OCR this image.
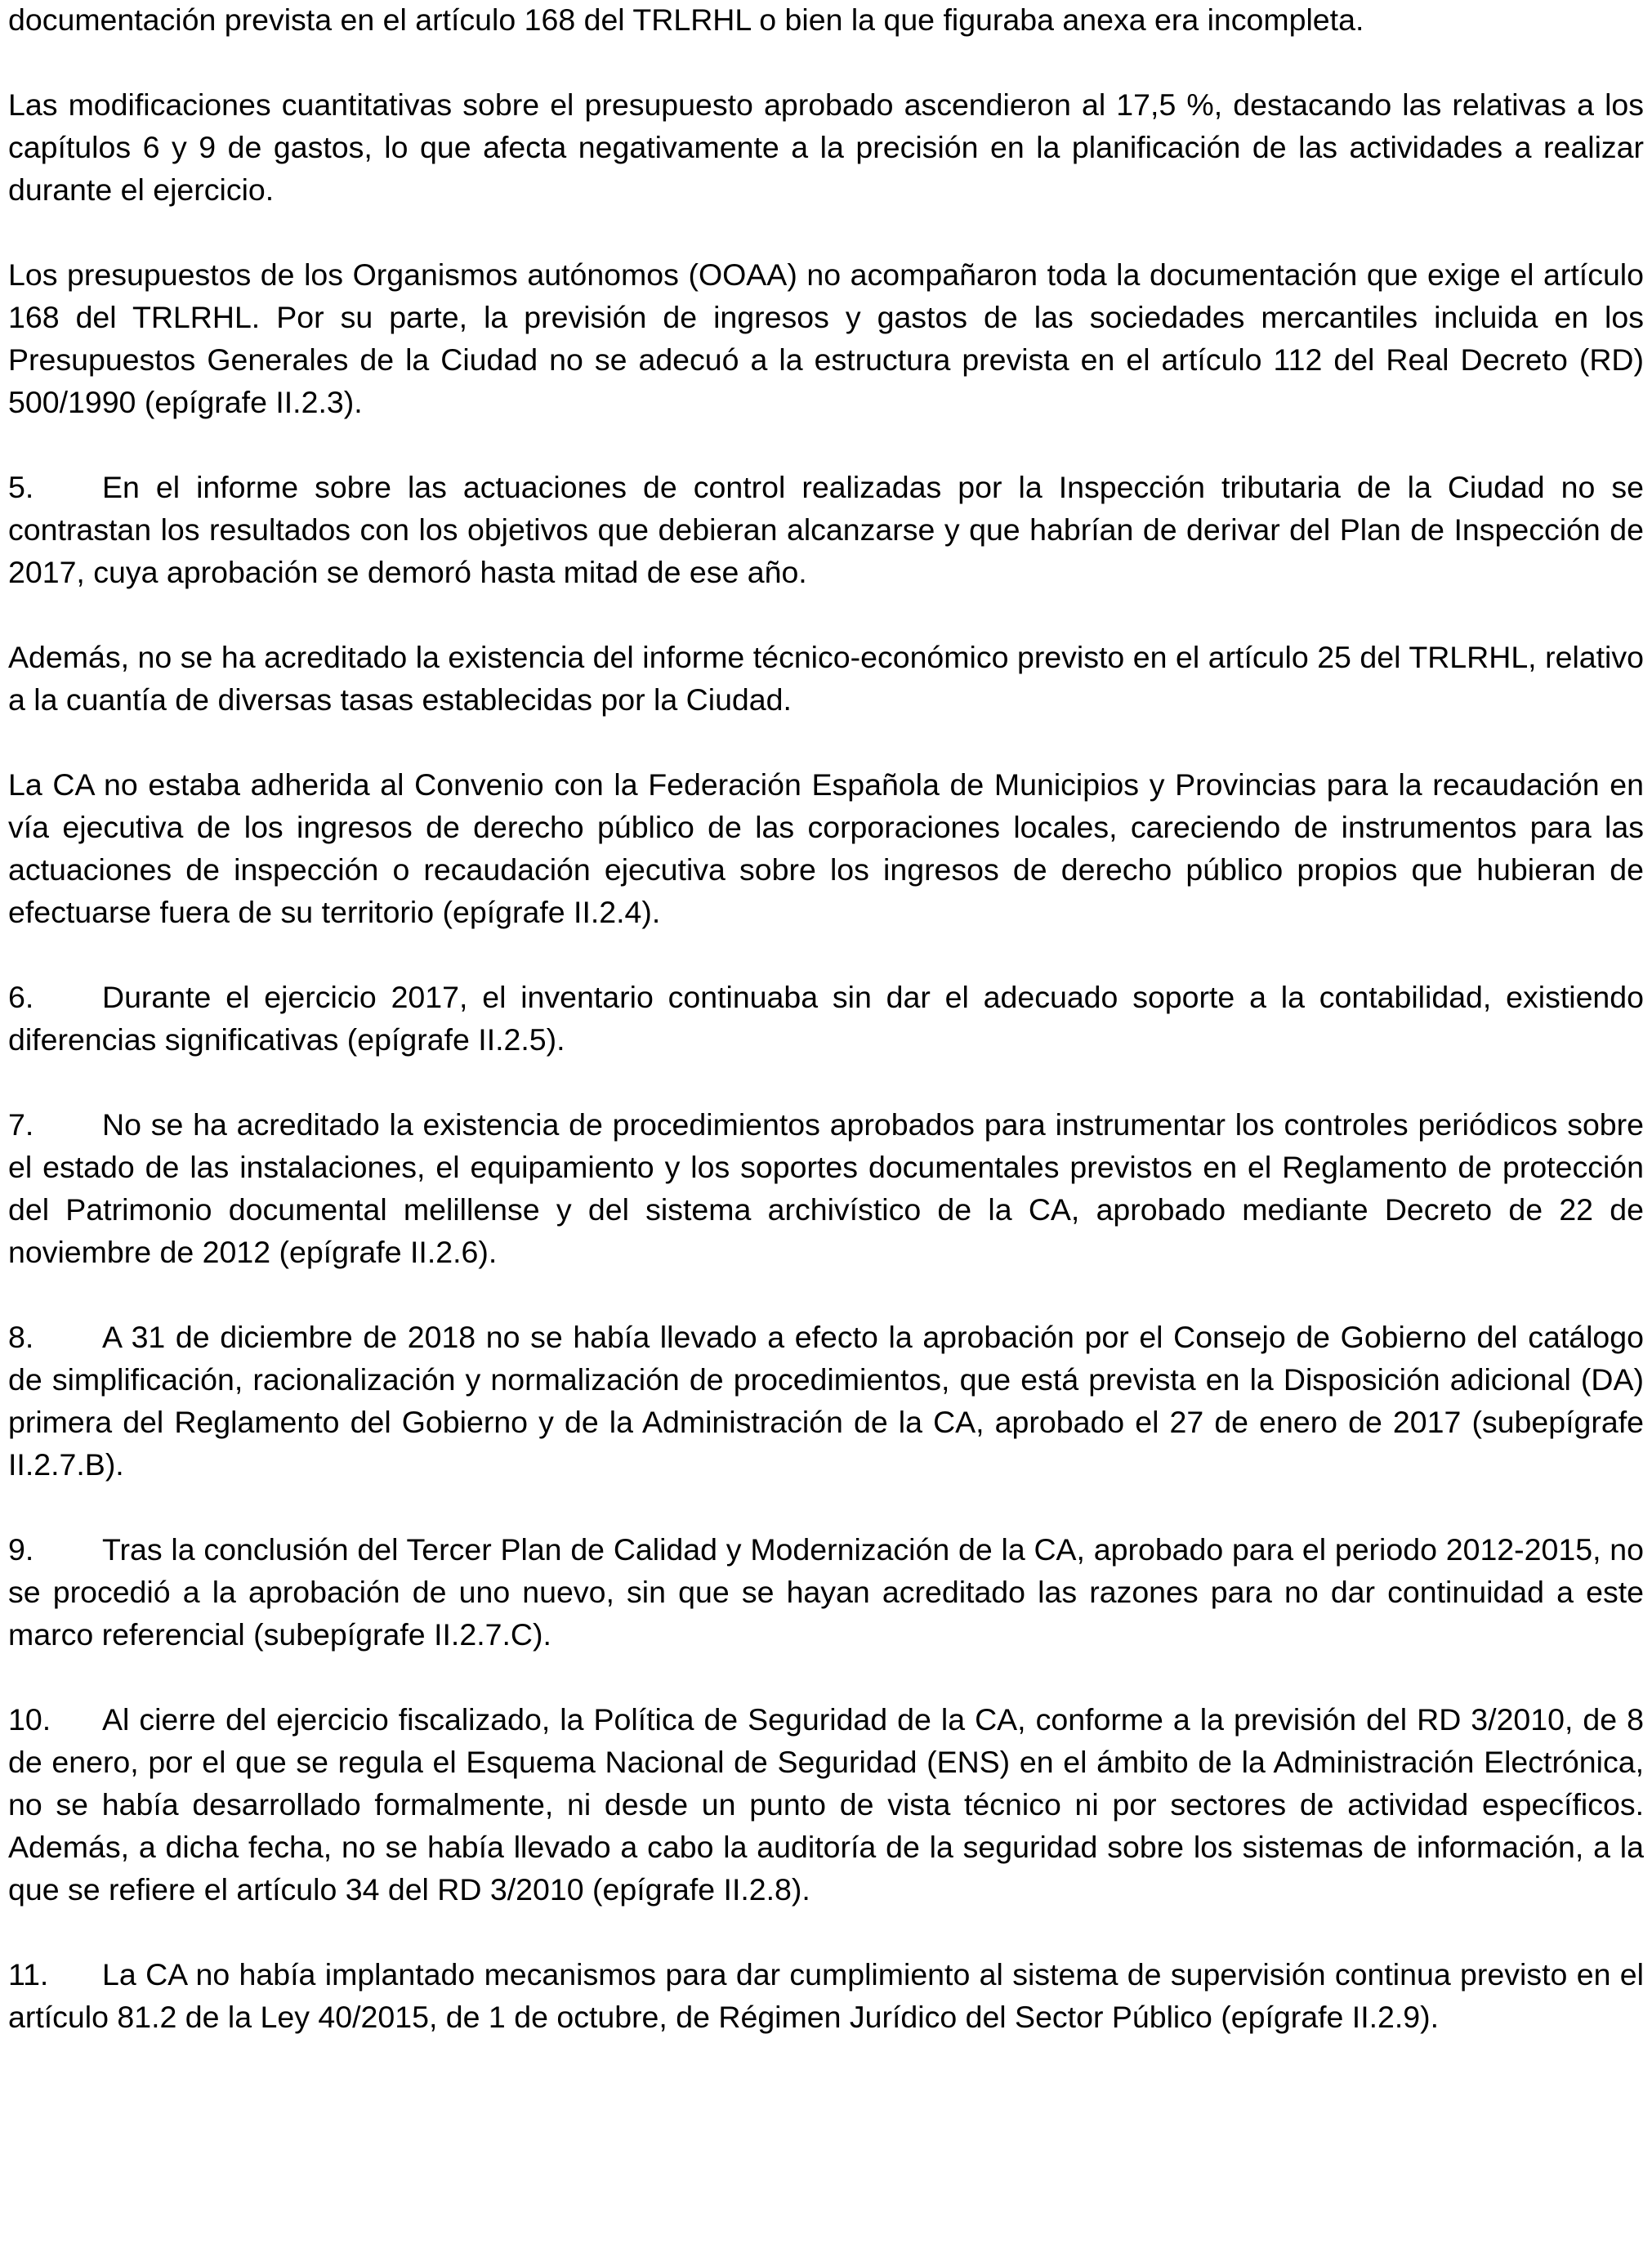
documentación prevista en el artículo 168 del TRLRHL o bien la que figuraba anexa era incompleta.

Las modificaciones cuantitativas sobre el presupuesto aprobado ascendieron al 17,5 %, destacando las relativas a los capítulos 6 y 9 de gastos, lo que afecta negativamente a la precisión en la planificación de las actividades a realizar durante el ejercicio.

Los presupuestos de los Organismos autónomos (OOAA) no acompañaron toda la documentación que exige el artículo 168 del TRLRHL. Por su parte, la previsión de ingresos y gastos de las sociedades mercantiles incluida en los Presupuestos Generales de la Ciudad no se adecuó a la estructura prevista en el artículo 112 del Real Decreto (RD) 500/1990 (epígrafe II.2.3).

5. En el informe sobre las actuaciones de control realizadas por la Inspección tributaria de la Ciudad no se contrastan los resultados con los objetivos que debieran alcanzarse y que habrían de derivar del Plan de Inspección de 2017, cuya aprobación se demoró hasta mitad de ese año.

Además, no se ha acreditado la existencia del informe técnico-económico previsto en el artículo 25 del TRLRHL, relativo a la cuantía de diversas tasas establecidas por la Ciudad.

La CA no estaba adherida al Convenio con la Federación Española de Municipios y Provincias para la recaudación en vía ejecutiva de los ingresos de derecho público de las corporaciones locales, careciendo de instrumentos para las actuaciones de inspección o recaudación ejecutiva sobre los ingresos de derecho público propios que hubieran de efectuarse fuera de su territorio (epígrafe II.2.4).

6. Durante el ejercicio 2017, el inventario continuaba sin dar el adecuado soporte a la contabilidad, existiendo diferencias significativas (epígrafe II.2.5).

7. No se ha acreditado la existencia de procedimientos aprobados para instrumentar los controles periódicos sobre el estado de las instalaciones, el equipamiento y los soportes documentales previstos en el Reglamento de protección del Patrimonio documental melillense y del sistema archivístico de la CA, aprobado mediante Decreto de 22 de noviembre de 2012 (epígrafe II.2.6).

8. A 31 de diciembre de 2018 no se había llevado a efecto la aprobación por el Consejo de Gobierno del catálogo de simplificación, racionalización y normalización de procedimientos, que está prevista en la Disposición adicional (DA) primera del Reglamento del Gobierno y de la Administración de la CA, aprobado el 27 de enero de 2017 (subepígrafe II.2.7.B).

9. Tras la conclusión del Tercer Plan de Calidad y Modernización de la CA, aprobado para el periodo 2012-2015, no se procedió a la aprobación de uno nuevo, sin que se hayan acreditado las razones para no dar continuidad a este marco referencial (subepígrafe II.2.7.C).

10. Al cierre del ejercicio fiscalizado, la Política de Seguridad de la CA, conforme a la previsión del RD 3/2010, de 8 de enero, por el que se regula el Esquema Nacional de Seguridad (ENS) en el ámbito de la Administración Electrónica, no se había desarrollado formalmente, ni desde un punto de vista técnico ni por sectores de actividad específicos. Además, a dicha fecha, no se había llevado a cabo la auditoría de la seguridad sobre los sistemas de información, a la que se refiere el artículo 34 del RD 3/2010 (epígrafe II.2.8).

11. La CA no había implantado mecanismos para dar cumplimiento al sistema de supervisión continua previsto en el artículo 81.2 de la Ley 40/2015, de 1 de octubre, de Régimen Jurídico del Sector Público (epígrafe II.2.9).
